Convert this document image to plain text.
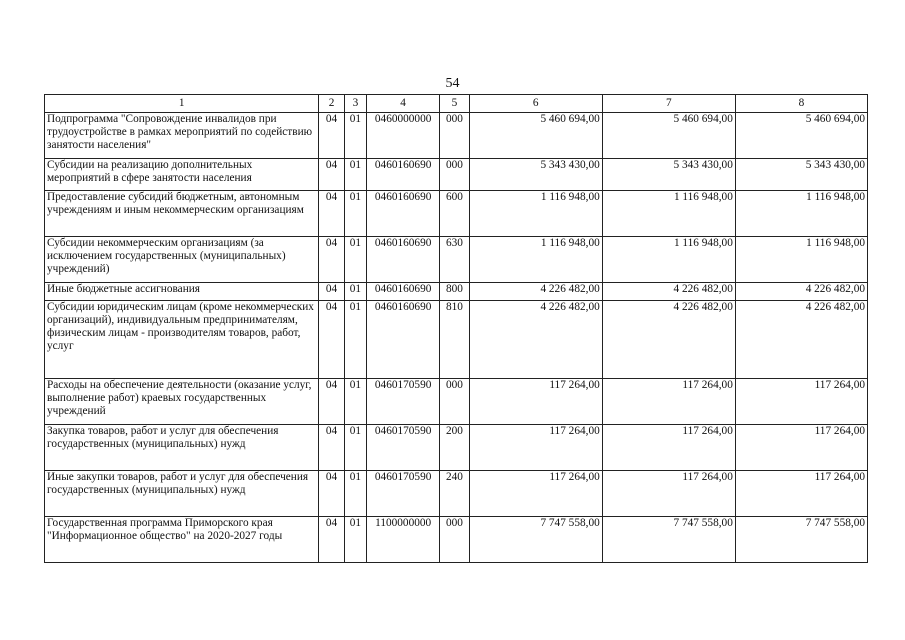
54
1	2	3	4	5	6	7	8
Подпрограмма "Сопровождение инвалидов при трудоустройстве в рамках мероприятий по содействию занятости населения"	04	01	0460000000	000	5 460 694,00	5 460 694,00	5 460 694,00
Субсидии на реализацию дополнительных мероприятий в сфере занятости населения	04	01	0460160690	000	5 343 430,00	5 343 430,00	5 343 430,00
Предоставление субсидий бюджетным, автономным учреждениям и иным некоммерческим организациям	04	01	0460160690	600	1 116 948,00	1 116 948,00	1 116 948,00
Субсидии некоммерческим организациям (за исключением государственных (муниципальных) учреждений)	04	01	0460160690	630	1 116 948,00	1 116 948,00	1 116 948,00
Иные бюджетные ассигнования	04	01	0460160690	800	4 226 482,00	4 226 482,00	4 226 482,00
Субсидии юридическим лицам (кроме некоммерческих организаций), индивидуальным предпринимателям, физическим лицам - производителям товаров, работ, услуг	04	01	0460160690	810	4 226 482,00	4 226 482,00	4 226 482,00
Расходы на обеспечение деятельности (оказание услуг, выполнение работ) краевых государственных учреждений	04	01	0460170590	000	117 264,00	117 264,00	117 264,00
Закупка товаров, работ и услуг для обеспечения государственных (муниципальных) нужд	04	01	0460170590	200	117 264,00	117 264,00	117 264,00
Иные закупки товаров, работ и услуг для обеспечения государственных (муниципальных) нужд	04	01	0460170590	240	117 264,00	117 264,00	117 264,00
Государственная программа Приморского края "Информационное общество" на 2020-2027 годы	04	01	1100000000	000	7 747 558,00	7 747 558,00	7 747 558,00
